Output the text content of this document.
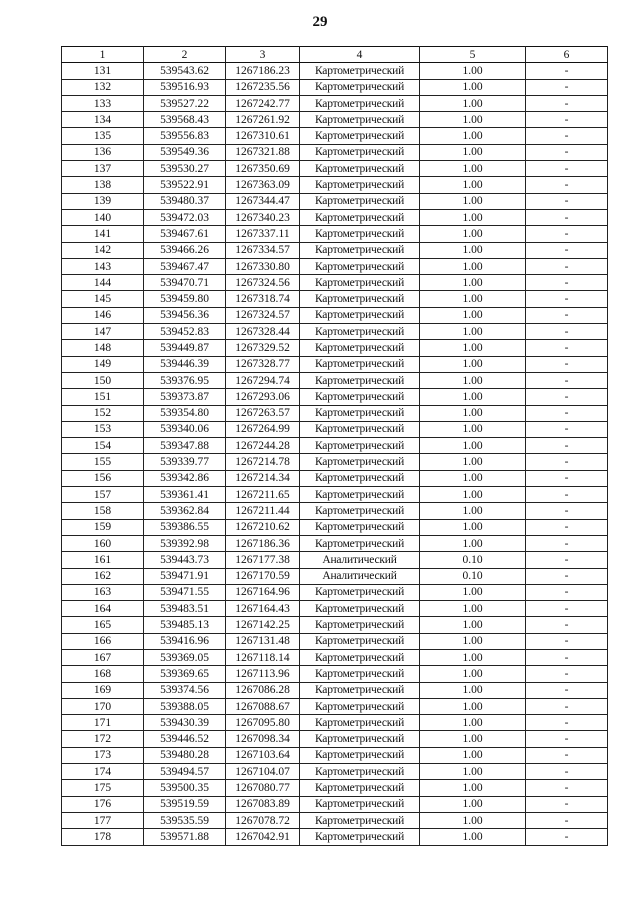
29
1	2	3	4	5	6
131	539543.62	1267186.23	Картометрический	1.00	-
132	539516.93	1267235.56	Картометрический	1.00	-
133	539527.22	1267242.77	Картометрический	1.00	-
134	539568.43	1267261.92	Картометрический	1.00	-
135	539556.83	1267310.61	Картометрический	1.00	-
136	539549.36	1267321.88	Картометрический	1.00	-
137	539530.27	1267350.69	Картометрический	1.00	-
138	539522.91	1267363.09	Картометрический	1.00	-
139	539480.37	1267344.47	Картометрический	1.00	-
140	539472.03	1267340.23	Картометрический	1.00	-
141	539467.61	1267337.11	Картометрический	1.00	-
142	539466.26	1267334.57	Картометрический	1.00	-
143	539467.47	1267330.80	Картометрический	1.00	-
144	539470.71	1267324.56	Картометрический	1.00	-
145	539459.80	1267318.74	Картометрический	1.00	-
146	539456.36	1267324.57	Картометрический	1.00	-
147	539452.83	1267328.44	Картометрический	1.00	-
148	539449.87	1267329.52	Картометрический	1.00	-
149	539446.39	1267328.77	Картометрический	1.00	-
150	539376.95	1267294.74	Картометрический	1.00	-
151	539373.87	1267293.06	Картометрический	1.00	-
152	539354.80	1267263.57	Картометрический	1.00	-
153	539340.06	1267264.99	Картометрический	1.00	-
154	539347.88	1267244.28	Картометрический	1.00	-
155	539339.77	1267214.78	Картометрический	1.00	-
156	539342.86	1267214.34	Картометрический	1.00	-
157	539361.41	1267211.65	Картометрический	1.00	-
158	539362.84	1267211.44	Картометрический	1.00	-
159	539386.55	1267210.62	Картометрический	1.00	-
160	539392.98	1267186.36	Картометрический	1.00	-
161	539443.73	1267177.38	Аналитический	0.10	-
162	539471.91	1267170.59	Аналитический	0.10	-
163	539471.55	1267164.96	Картометрический	1.00	-
164	539483.51	1267164.43	Картометрический	1.00	-
165	539485.13	1267142.25	Картометрический	1.00	-
166	539416.96	1267131.48	Картометрический	1.00	-
167	539369.05	1267118.14	Картометрический	1.00	-
168	539369.65	1267113.96	Картометрический	1.00	-
169	539374.56	1267086.28	Картометрический	1.00	-
170	539388.05	1267088.67	Картометрический	1.00	-
171	539430.39	1267095.80	Картометрический	1.00	-
172	539446.52	1267098.34	Картометрический	1.00	-
173	539480.28	1267103.64	Картометрический	1.00	-
174	539494.57	1267104.07	Картометрический	1.00	-
175	539500.35	1267080.77	Картометрический	1.00	-
176	539519.59	1267083.89	Картометрический	1.00	-
177	539535.59	1267078.72	Картометрический	1.00	-
178	539571.88	1267042.91	Картометрический	1.00	-
